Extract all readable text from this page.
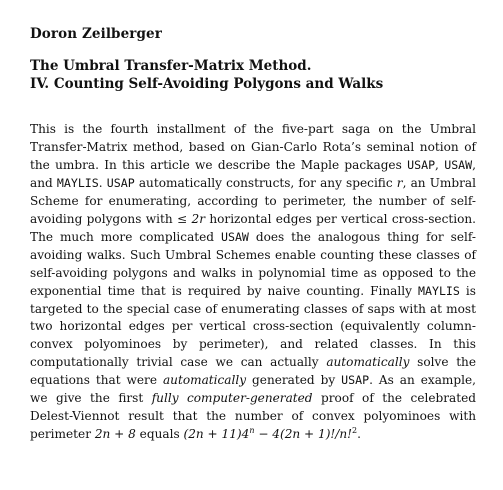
Doron Zeilberger
The Umbral Transfer-Matrix Method.
IV. Counting Self-Avoiding Polygons and Walks

This is the fourth installment of the five-part saga on the Umbral Transfer-Matrix method, based on Gian-Carlo Rota’s seminal notion of the umbra. In this article we describe the Maple packages USAP, USAW, and MAYLIS. USAP automatically constructs, for any specific r, an Umbral Scheme for enumerating, according to perimeter, the number of self-avoiding polygons with ≤ 2r horizontal edges per vertical cross-section. The much more complicated USAW does the analogous thing for self-avoiding walks. Such Umbral Schemes enable counting these classes of self-avoiding polygons and walks in polynomial time as opposed to the exponential time that is required by naive counting. Finally MAYLIS is targeted to the special case of enumerating classes of saps with at most two horizontal edges per vertical cross-section (equivalently column-convex polyominoes by perimeter), and related classes. In this computationally trivial case we can actually automatically solve the equations that were automatically generated by USAP. As an example, we give the first fully computer-generated proof of the celebrated Delest-Viennot result that the number of convex polyominoes with perimeter 2n + 8 equals $(2n + 11)4^n - 4(2n + 1)!/n!^2$.
